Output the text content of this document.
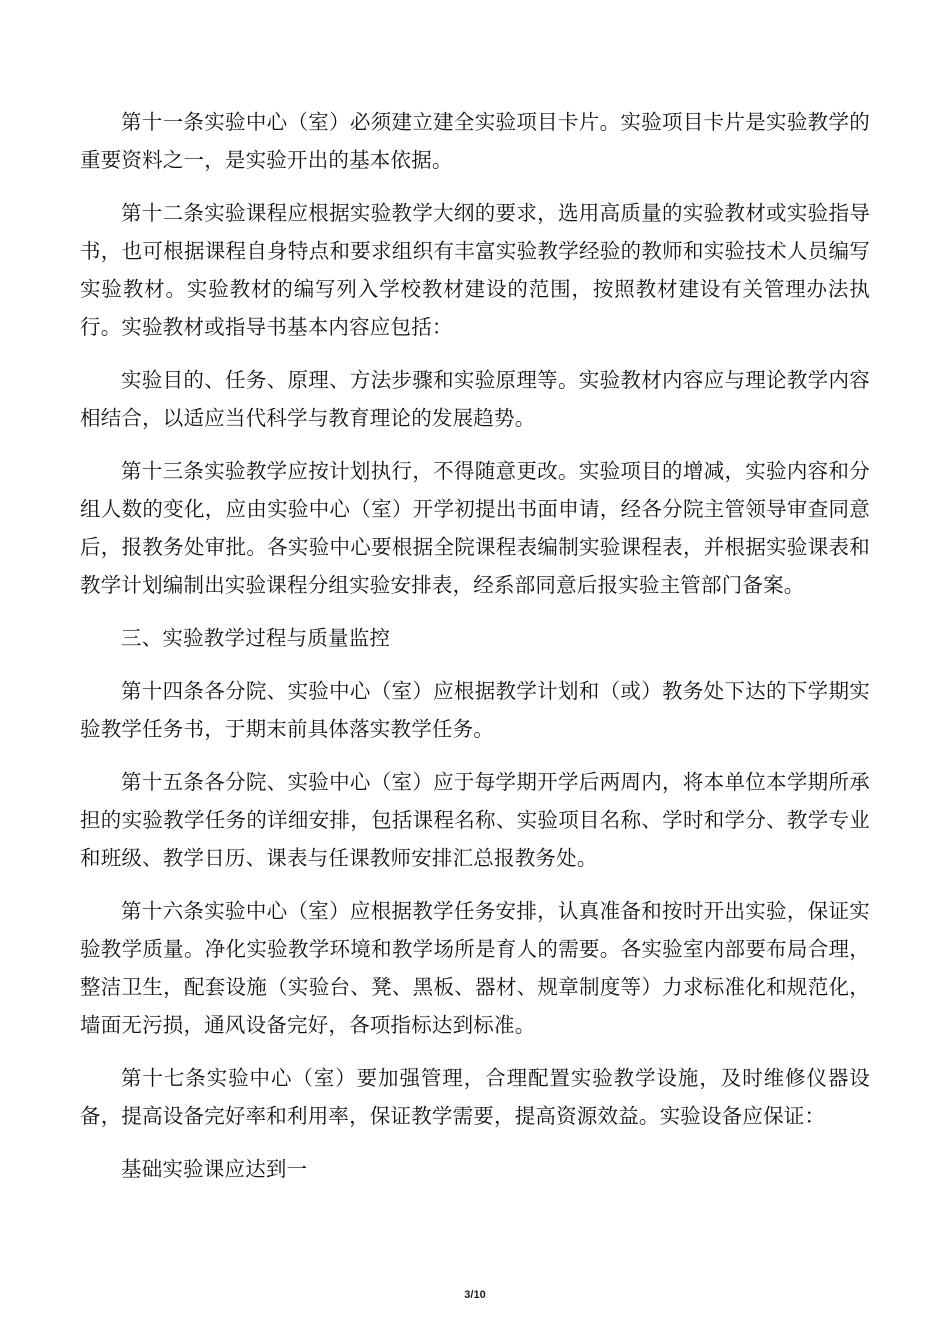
第十一条实验中心（室）必须建立建全实验项目卡片。实验项目卡片是实验教学的重要资料之一，是实验开出的基本依据。

第十二条实验课程应根据实验教学大纲的要求，选用高质量的实验教材或实验指导书，也可根据课程自身特点和要求组织有丰富实验教学经验的教师和实验技术人员编写实验教材。实验教材的编写列入学校教材建设的范围，按照教材建设有关管理办法执行。实验教材或指导书基本内容应包括：

实验目的、任务、原理、方法步骤和实验原理等。实验教材内容应与理论教学内容相结合，以适应当代科学与教育理论的发展趋势。

第十三条实验教学应按计划执行，不得随意更改。实验项目的增减，实验内容和分组人数的变化，应由实验中心（室）开学初提出书面申请，经各分院主管领导审查同意后，报教务处审批。各实验中心要根据全院课程表编制实验课程表，并根据实验课表和教学计划编制出实验课程分组实验安排表，经系部同意后报实验主管部门备案。

三、实验教学过程与质量监控

第十四条各分院、实验中心（室）应根据教学计划和（或）教务处下达的下学期实验教学任务书，于期末前具体落实教学任务。

第十五条各分院、实验中心（室）应于每学期开学后两周内，将本单位本学期所承担的实验教学任务的详细安排，包括课程名称、实验项目名称、学时和学分、教学专业和班级、教学日历、课表与任课教师安排汇总报教务处。

第十六条实验中心（室）应根据教学任务安排，认真准备和按时开出实验，保证实验教学质量。净化实验教学环境和教学场所是育人的需要。各实验室内部要布局合理，整洁卫生，配套设施（实验台、凳、黑板、器材、规章制度等）力求标准化和规范化，墙面无污损，通风设备完好，各项指标达到标准。

第十七条实验中心（室）要加强管理，合理配置实验教学设施，及时维修仪器设备，提高设备完好率和利用率，保证教学需要，提高资源效益。实验设备应保证：

基础实验课应达到一

3/10
